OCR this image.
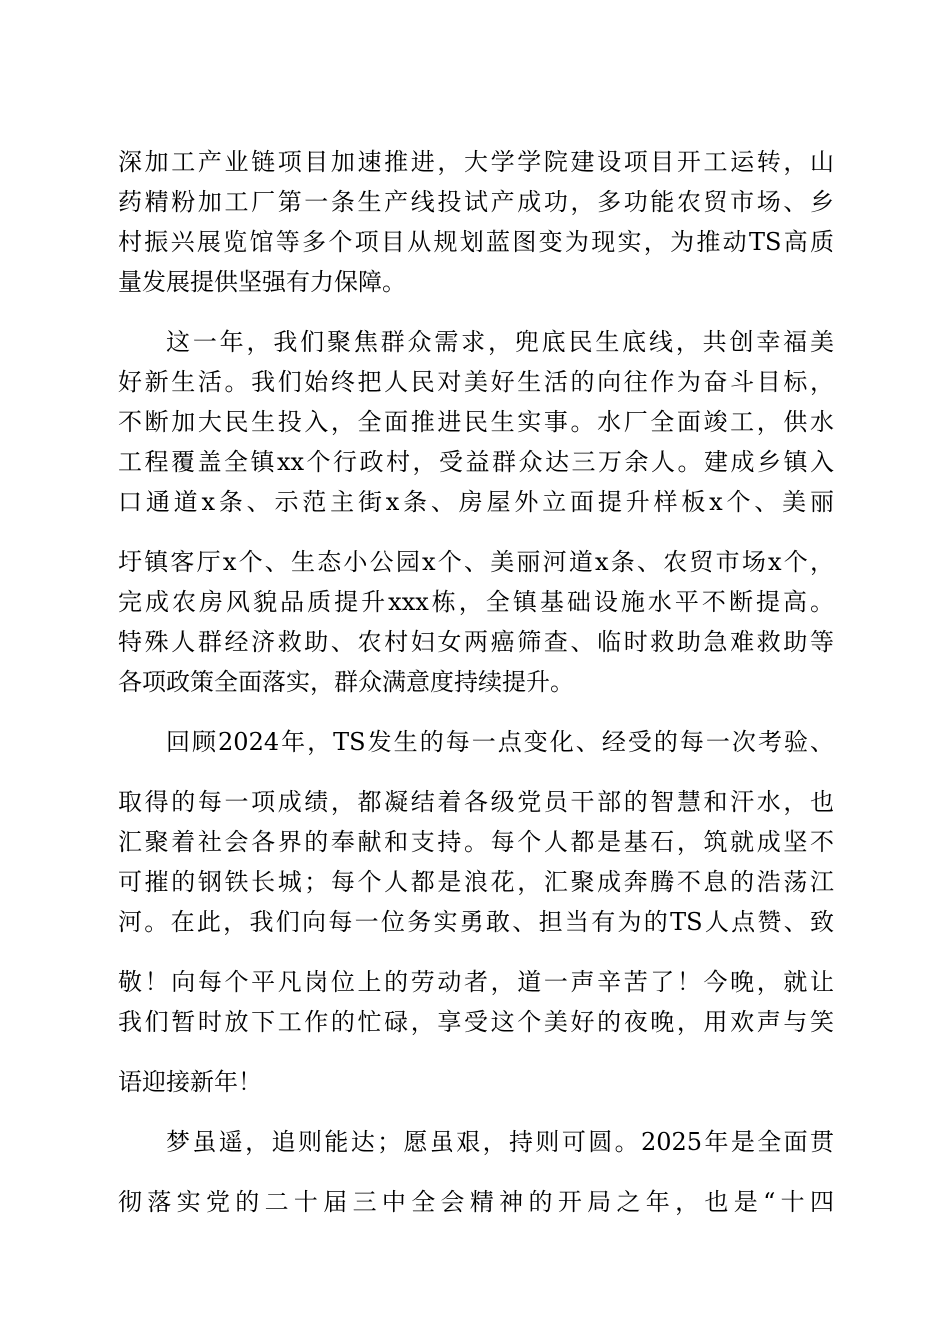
深加工产业链项目加速推进，大学学院建设项目开工运转，山
药精粉加工厂第一条生产线投试产成功，多功能农贸市场、乡
村振兴展览馆等多个项目从规划蓝图变为现实，为推动TS高质
量发展提供坚强有力保障。
这一年，我们聚焦群众需求，兜底民生底线，共创幸福美
好新生活。我们始终把人民对美好生活的向往作为奋斗目标，
不断加大民生投入，全面推进民生实事。水厂全面竣工，供水
工程覆盖全镇xx个行政村，受益群众达三万余人。建成乡镇入
口通道x条、示范主街x条、房屋外立面提升样板x个、美丽
圩镇客厅x个、生态小公园x个、美丽河道x条、农贸市场x个，
完成农房风貌品质提升xxx栋，全镇基础设施水平不断提高。
特殊人群经济救助、农村妇女两癌筛查、临时救助急难救助等
各项政策全面落实，群众满意度持续提升。
回顾2024年，TS发生的每一点变化、经受的每一次考验、
取得的每一项成绩，都凝结着各级党员干部的智慧和汗水，也
汇聚着社会各界的奉献和支持。每个人都是基石，筑就成坚不
可摧的钢铁长城；每个人都是浪花，汇聚成奔腾不息的浩荡江
河。在此，我们向每一位务实勇敢、担当有为的TS人点赞、致
敬！向每个平凡岗位上的劳动者，道一声辛苦了！今晚，就让
我们暂时放下工作的忙碌，享受这个美好的夜晚，用欢声与笑
语迎接新年！
梦虽遥，追则能达；愿虽艰，持则可圆。2025年是全面贯
彻落实党的二十届三中全会精神的开局之年，也是“十四
